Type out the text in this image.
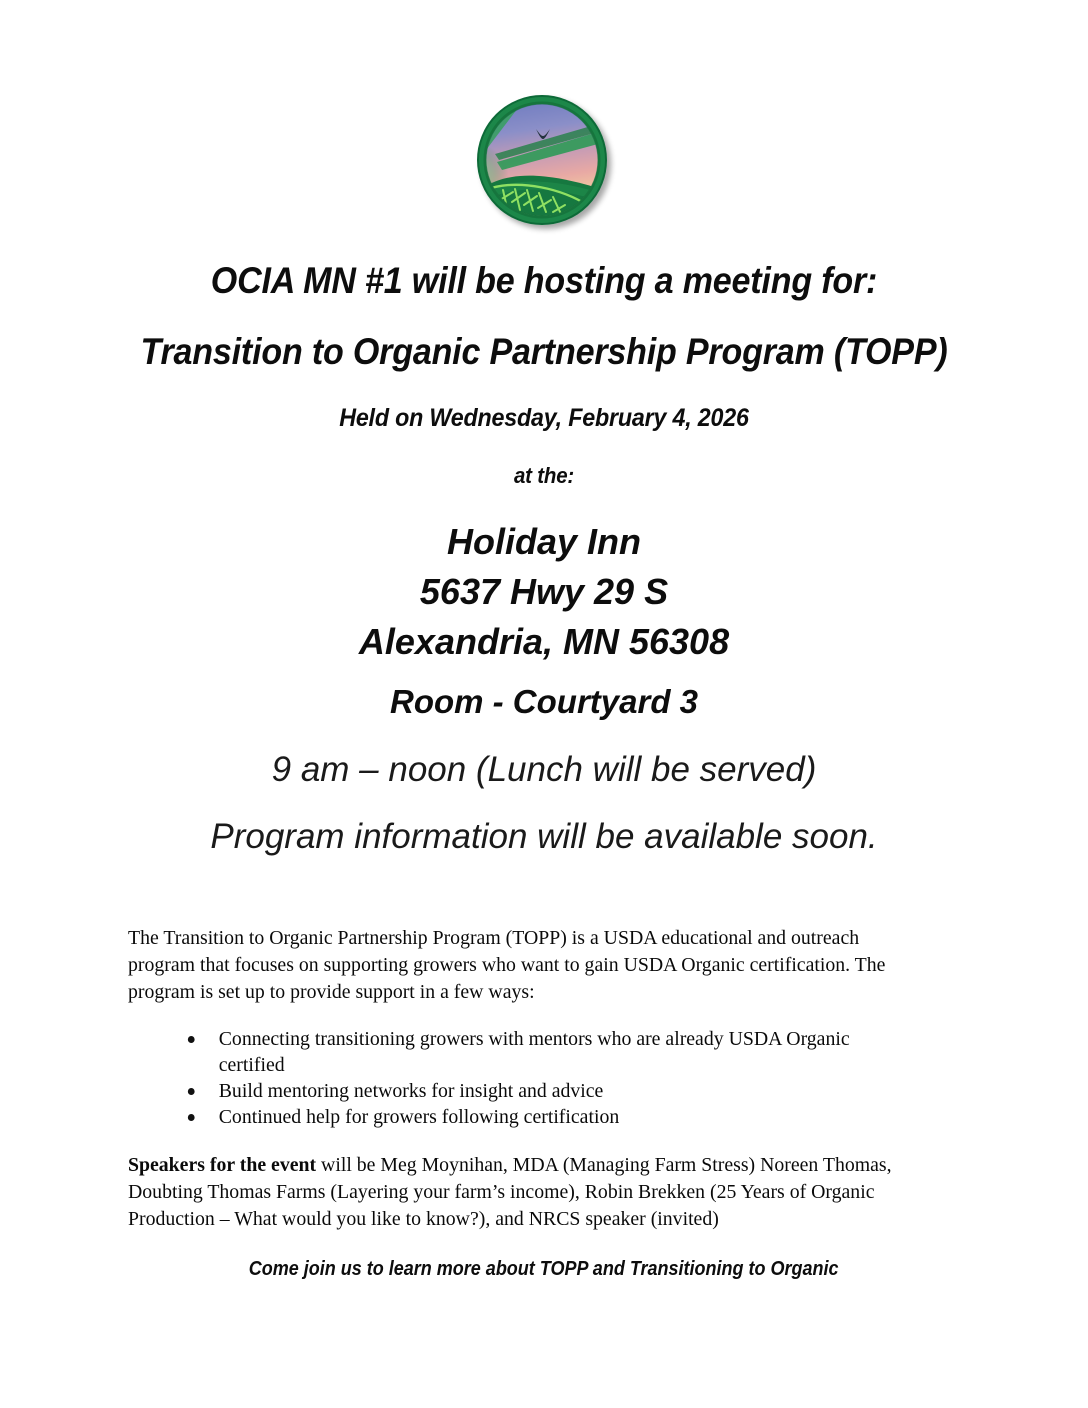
OCIA MN #1 will be hosting a meeting for:
Transition to Organic Partnership Program (TOPP)
Held on Wednesday, February 4, 2026
at the:
Holiday Inn
5637 Hwy 29 S
Alexandria, MN 56308
Room - Courtyard 3
9 am – noon (Lunch will be served)
Program information will be available soon.

The Transition to Organic Partnership Program (TOPP) is a USDA educational and outreach program that focuses on supporting growers who want to gain USDA Organic certification. The program is set up to provide support in a few ways:

Connecting transitioning growers with mentors who are already USDA Organic certified
Build mentoring networks for insight and advice
Continued help for growers following certification

Speakers for the event will be Meg Moynihan, MDA (Managing Farm Stress) Noreen Thomas, Doubting Thomas Farms (Layering your farm’s income), Robin Brekken (25 Years of Organic Production – What would you like to know?), and NRCS speaker (invited)

Come join us to learn more about TOPP and Transitioning to Organic
